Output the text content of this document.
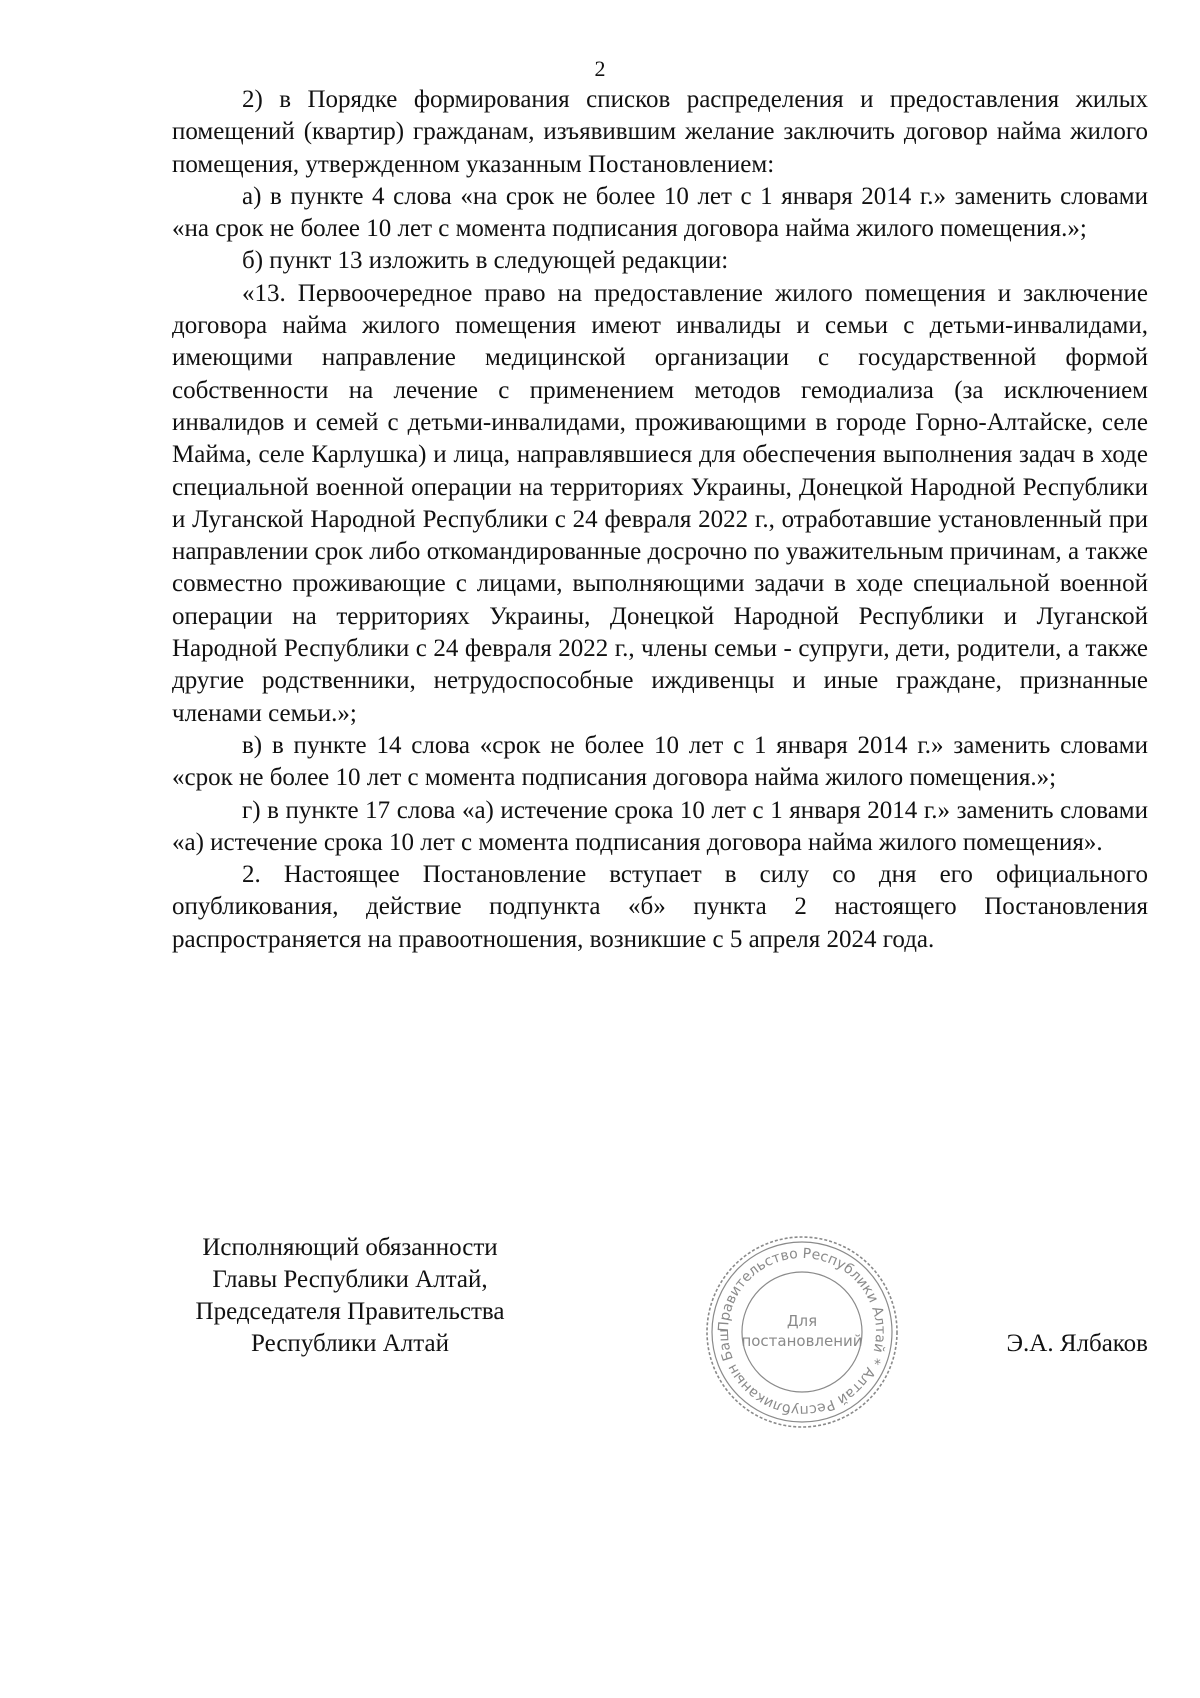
2

2) в Порядке формирования списков распределения и предоставления жилых помещений (квартир) гражданам, изъявившим желание заключить договор найма жилого помещения, утвержденном указанным Постановлением:

а) в пункте 4 слова «на срок не более 10 лет с 1 января 2014 г.» заменить словами «на срок не более 10 лет с момента подписания договора найма жилого помещения.»;

б) пункт 13 изложить в следующей редакции:

«13. Первоочередное право на предоставление жилого помещения и заключение договора найма жилого помещения имеют инвалиды и семьи с детьми-инвалидами, имеющими направление медицинской организации с государственной формой собственности на лечение с применением методов гемодиализа (за исключением инвалидов и семей с детьми-инвалидами, проживающими в городе Горно-Алтайске, селе Майма, селе Карлушка) и лица, направлявшиеся для обеспечения выполнения задач в ходе специальной военной операции на территориях Украины, Донецкой Народной Республики и Луганской Народной Республики с 24 февраля 2022 г., отработавшие установленный при направлении срок либо откомандированные досрочно по уважительным причинам, а также совместно проживающие с лицами, выполняющими задачи в ходе специальной военной операции на территориях Украины, Донецкой Народной Республики и Луганской Народной Республики с 24 февраля 2022 г., члены семьи - супруги, дети, родители, а также другие родственники, нетрудоспособные иждивенцы и иные граждане, признанные членами семьи.»;

в) в пункте 14 слова «срок не более 10 лет с 1 января 2014 г.» заменить словами «срок не более 10 лет с момента подписания договора найма жилого помещения.»;

г) в пункте 17 слова «а) истечение срока 10 лет с 1 января 2014 г.» заменить словами «а) истечение срока 10 лет с момента подписания договора найма жилого помещения».

2. Настоящее Постановление вступает в силу со дня его официального опубликования, действие подпункта «б» пункта 2 настоящего Постановления распространяется на правоотношения, возникшие с 5 апреля 2024 года.

Исполняющий обязанности
Главы Республики Алтай,
Председателя Правительства
Республики Алтай
Правительство Республики Алтай * Алтай Республиканын Баш
Для
постановлений	Э.А. Ялбаков
